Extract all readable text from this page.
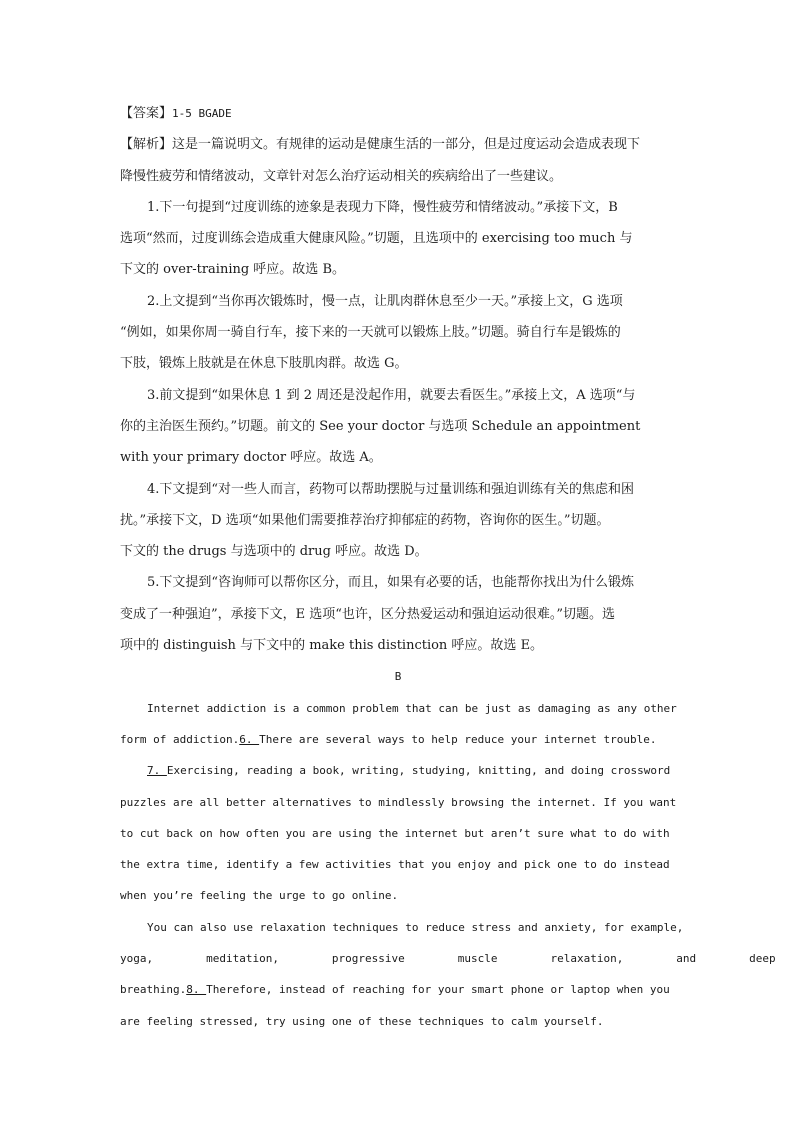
【答案】1-5 BGADE
【解析】这是一篇说明文。有规律的运动是健康生活的一部分，但是过度运动会造成表现下
降慢性疲劳和情绪波动，文章针对怎么治疗运动相关的疾病给出了一些建议。
1.下一句提到“过度训练的迹象是表现力下降，慢性疲劳和情绪波动。”承接下文，B
选项“然而，过度训练会造成重大健康风险。”切题，且选项中的 exercising too much 与
下文的 over-training 呼应。故选 B。
2.上文提到“当你再次锻炼时，慢一点，让肌肉群休息至少一天。”承接上文，G 选项
“例如，如果你周一骑自行车，接下来的一天就可以锻炼上肢。”切题。骑自行车是锻炼的
下肢，锻炼上肢就是在休息下肢肌肉群。故选 G。
3.前文提到“如果休息 1 到 2 周还是没起作用，就要去看医生。”承接上文，A 选项“与
你的主治医生预约。”切题。前文的 See your doctor 与选项 Schedule an appointment
with your primary doctor 呼应。故选 A。
4.下文提到“对一些人而言，药物可以帮助摆脱与过量训练和强迫训练有关的焦虑和困
扰。”承接下文，D 选项“如果他们需要推荐治疗抑郁症的药物，咨询你的医生。”切题。
下文的 the drugs 与选项中的 drug 呼应。故选 D。
5.下文提到“咨询师可以帮你区分，而且，如果有必要的话，也能帮你找出为什么锻炼
变成了一种强迫”，承接下文，E 选项“也许，区分热爱运动和强迫运动很难。”切题。选
项中的 distinguish 与下文中的 make this distinction 呼应。故选 E。
B
Internet addiction is a common problem that can be just as damaging as any other
form of addiction.6. There are several ways to help reduce your internet trouble.
7. Exercising, reading a book, writing, studying, knitting, and doing crossword
puzzles are all better alternatives to mindlessly browsing the internet. If you want
to cut back on how often you are using the internet but aren’t sure what to do with
the extra time, identify a few activities that you enjoy and pick one to do instead
when you’re feeling the urge to go online.
You can also use relaxation techniques to reduce stress and anxiety, for example,
yoga,        meditation,        progressive        muscle        relaxation,        and        deep
breathing.8. Therefore, instead of reaching for your smart phone or laptop when you
are feeling stressed, try using one of these techniques to calm yourself.
